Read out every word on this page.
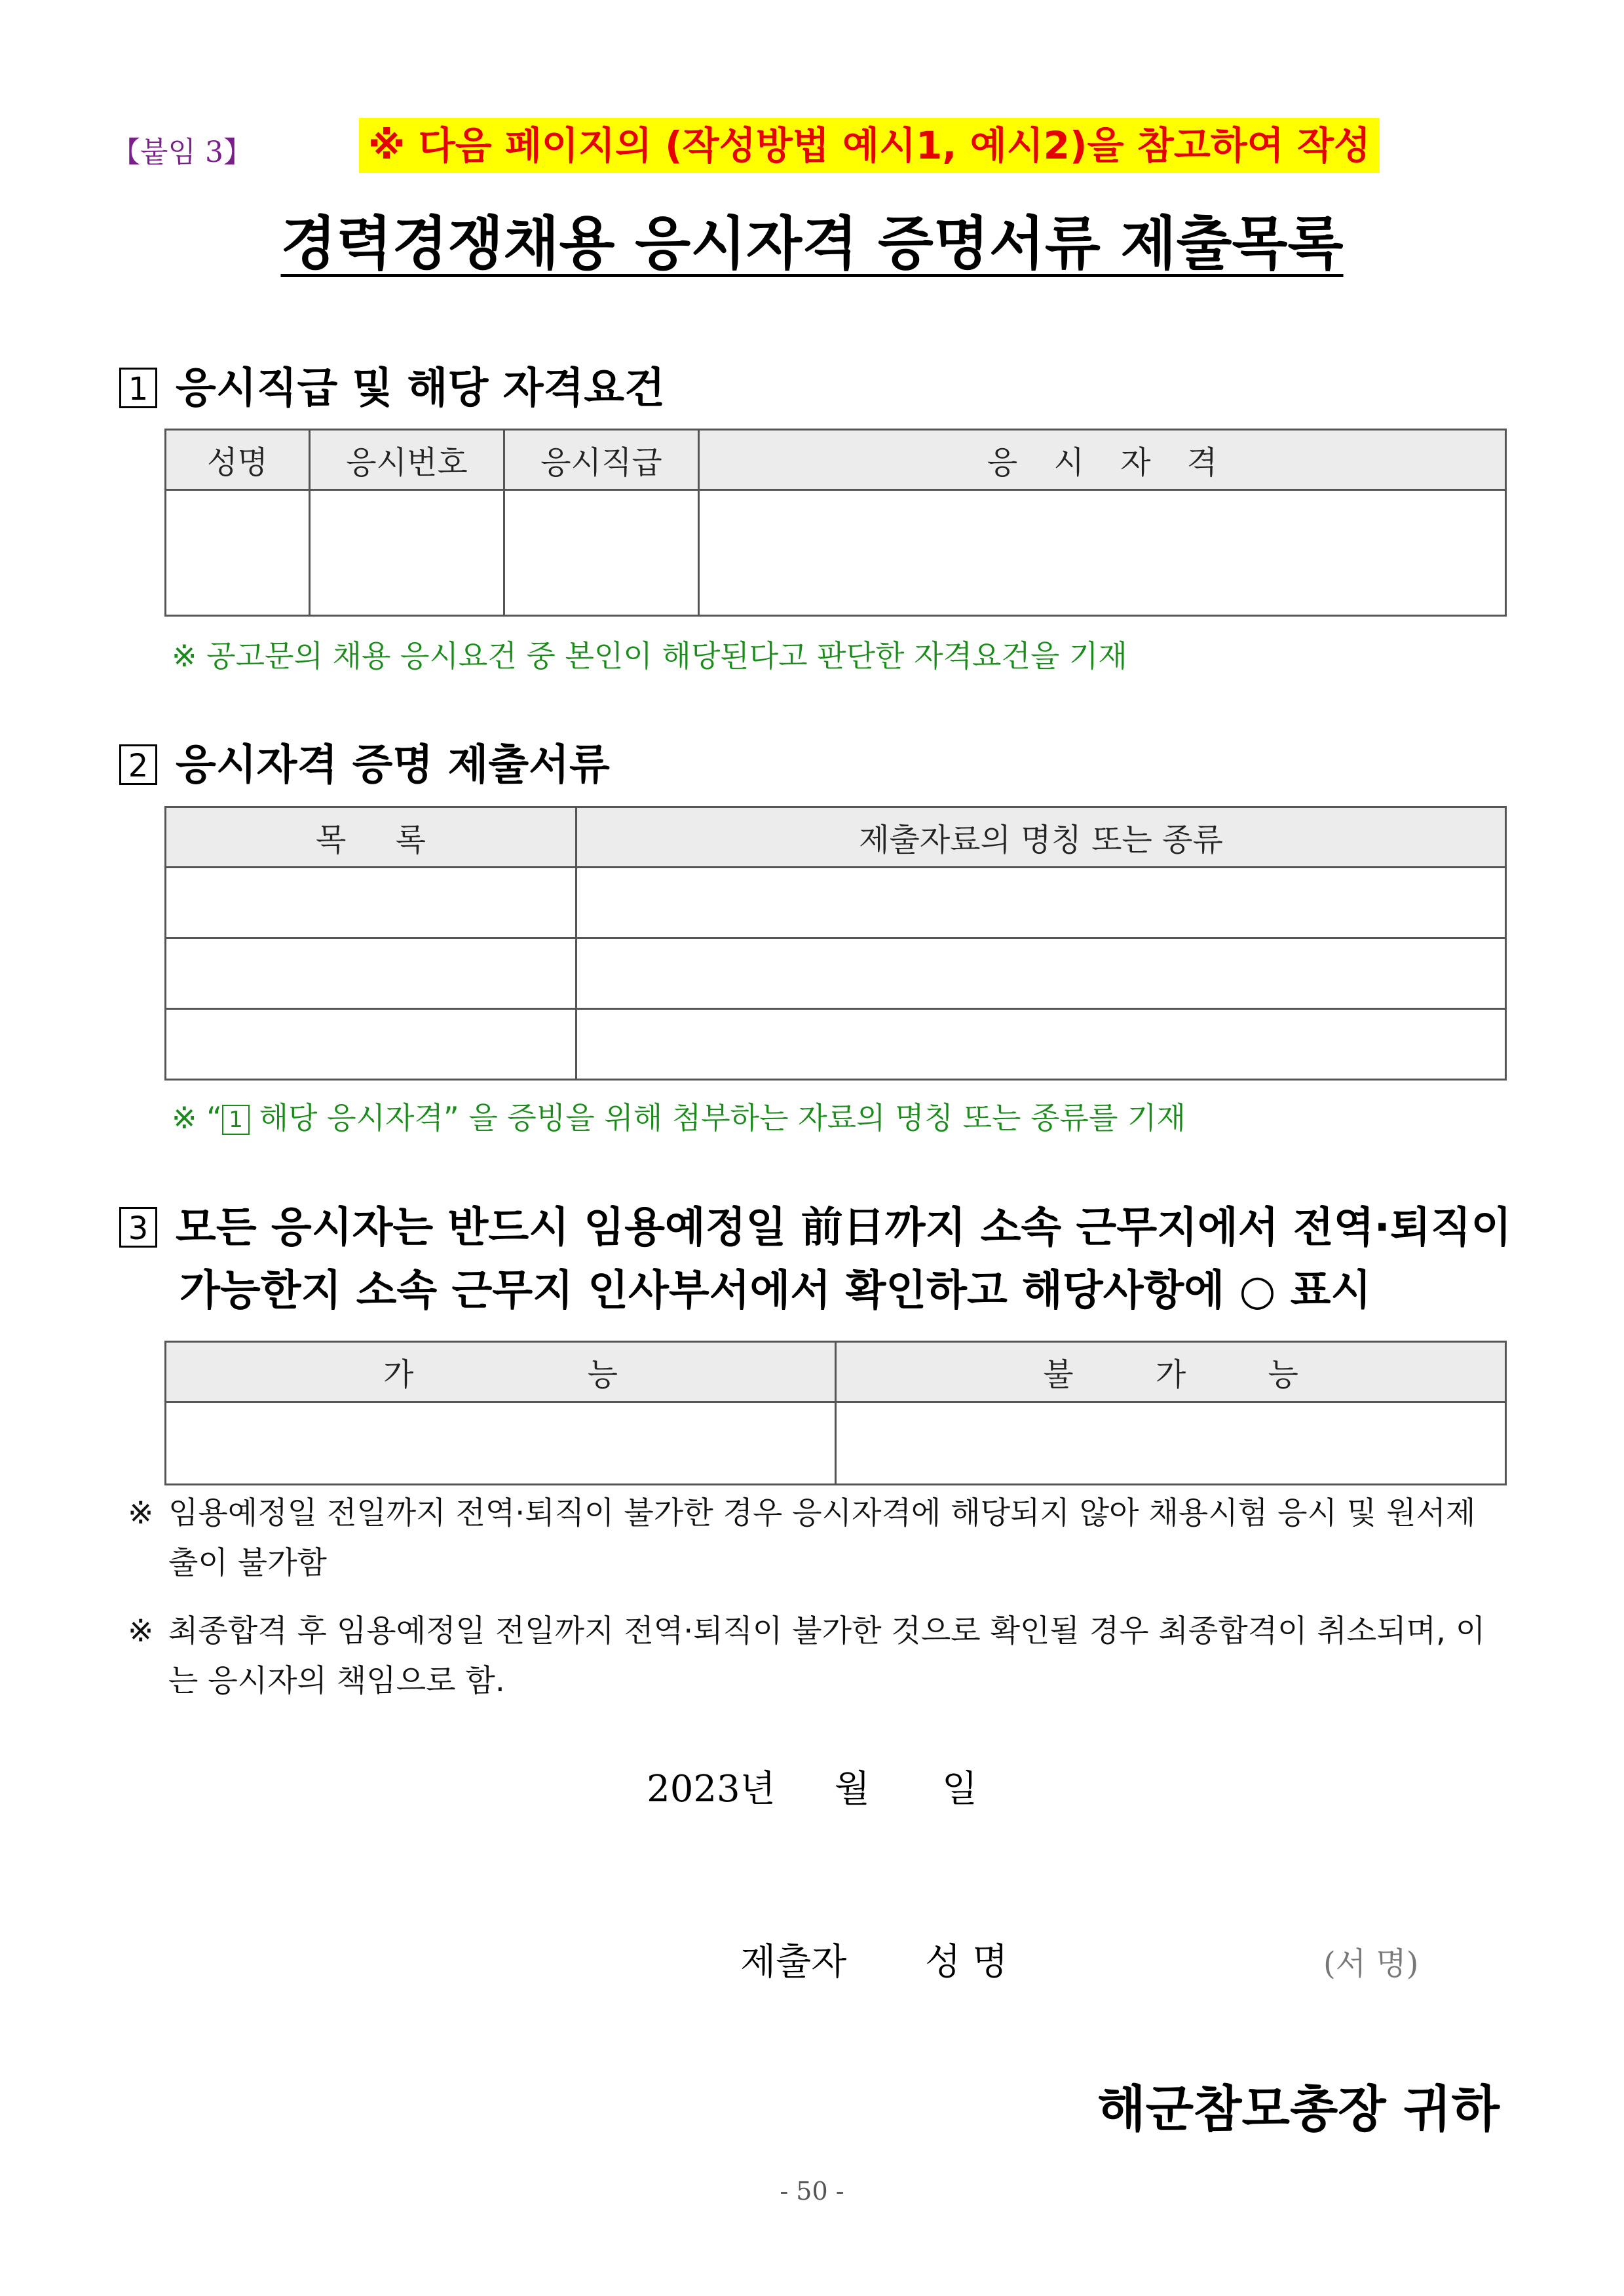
【붙임 3】	※ 다음 페이지의 (작성방법 예시1, 예시2)을 참고하여 작성
경력경쟁채용 응시자격 증명서류 제출목록
1 응시직급 및 해당 자격요건
성명	응시번호	응시직급	응 시 자 격

※ 공고문의 채용 응시요건 중 본인이 해당된다고 판단한 자격요건을 기재
2 응시자격 증명 제출서류
목 록	제출자료의 명칭 또는 종류

※ “ 1 해당 응시자격” 을 증빙을 위해 첨부하는 자료의 명칭 또는 종류를 기재
3 모든 응시자는 반드시 임용예정일 前日까지 소속 근무지에서 전역·퇴직이
가능한지 소속 근무지 인사부서에서 확인하고 해당사항에 ○ 표시
가 능	불 가 능

※ 임용예정일 전일까지 전역·퇴직이 불가한 경우 응시자격에 해당되지 않아 채용시험 응시 및 원서제출이 불가함
※ 최종합격 후 임용예정일 전일까지 전역·퇴직이 불가한 것으로 확인될 경우 최종합격이 취소되며, 이는 응시자의 책임으로 함.
2023년 월 일
제출자 성 명	(서 명)
해군참모총장 귀하
- 50 -
